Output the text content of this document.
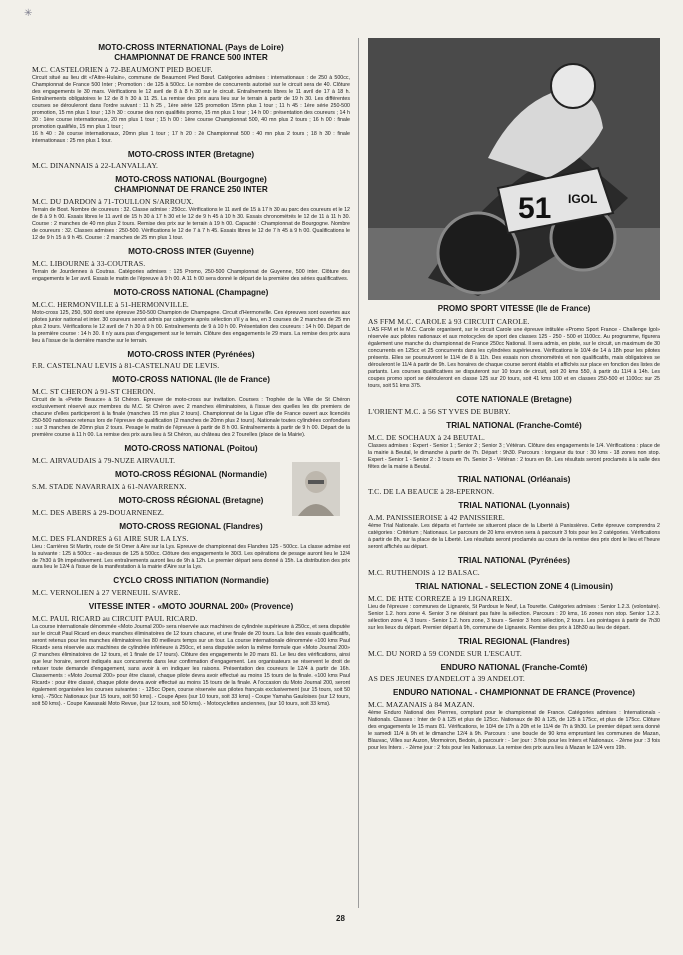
✳
MOTO-CROSS INTERNATIONAL (Pays de Loire)
CHAMPIONNAT DE FRANCE 500 INTER
M.C. CASTELORIEN à 72-BEAUMONT PIED BOEUF.
Circuit situé au lieu dit «l'Aitre-Hulain», commune de Beaumont Pied Bœuf. Catégories admises : internationaux : de 250 à 500cc, Championnat de France 500 Inter ; Promotion : de 125 à 500cc. Le nombre de concurrents autorisé sur le circuit sera de 40. Clôture des engagements le 30 mars. Vérifications le 12 avril de 8 à 8 h 30 sur le circuit. Entraînements libres le 11 avril de 17 à 18 h. Entraînements obligatoires le 12 de 8 h 30 à 11 25. La remise des prix aura lieu sur le terrain à partir de 19 h 30. Les différentes courses se dérouleront dans l'ordre suivant : 11 h 25 , 1ère série 125 promotion 15mn plus 1 tour ; 11 h 45 : 1ère série 250-500 promotion, 15 mn plus 1 tour ; 13 h 30 : course des non qualifiés promo, 15 mn plus 1 tour ; 14 h 00 : présentation des coureurs ; 14 h 30 : 1ère course internationaux, 20 mn plus 1 tour ; 15 h 00 : 1ère course Championnat 500, 40 mn plus 2 tours ; 16 h 00 : finale promotion qualifiés, 15 mn plus 1 tour ;
16 h 40 : 2è course internationaux, 20mn plus 1 tour ; 17 h 20 : 2è Championnat 500 : 40 mn plus 2 tours ; 18 h 30 : finale internationaux : 25 mn plus 1 tour.
MOTO-CROSS INTER (Bretagne)
M.C. DINANNAIS à 22-LANVALLAY.
MOTO-CROSS NATIONAL (Bourgogne)
CHAMPIONNAT DE FRANCE 250 INTER
M.C. DU DARDON à 71-TOULLON S/ARROUX.
Terrain de Bost. Nombre de coureurs : 32. Classe admise : 250cc. Vérifications le 11 avril de 15 à 17 h 30 au parc des coureurs et le 12 de 8 à 9 h 00. Essais libres le 11 avril de 15 h 30 à 17 h 30 et le 12 de 9 h 45 à 10 h 30. Essais chronométrés le 12 de 11 à 11 h 30. Course : 2 manches de 40 mn plus 2 tours. Remise des prix sur le terrain à 19 h 00. Capacité : Championnat de Bourgogne. Nombre de coureurs : 32. Classes admises : 250-500. Vérifications le 12 de 7 à 7 h 45. Essais libres le 12 de 7 h 45 à 9 h 00. Qualifications le 12 de 9 h 15 à 9 h 45. Course : 2 manches de 25 mn plus 1 tour.
MOTO-CROSS INTER (Guyenne)
M.C. LIBOURNE à 33-COUTRAS.
Terrain de Jourdennes à Coutras. Catégories admises : 125 Promo, 250-500 Championnat de Guyenne, 500 inter. Clôture des engagements le 1er avril. Essais le matin de l'épreuve à 9 h 00. A 11 h 00 sera donné le départ de la première des séries qualificatives.
MOTO-CROSS NATIONAL (Champagne)
M.C.C. HERMONVILLE à 51-HERMONVILLE.
Moto-cross 125, 250, 500 dont une épreuve 250-500 Champion de Champagne. Circuit d'Hermonville. Ces épreuves sont ouvertes aux pilotes junior national et inter. 30 coureurs seront admis par catégorie après sélection s'il y a lieu, en 3 courses de 2 manches de 25 mn plus 2 tours. Vérifications le 12 avril de 7 h 30 à 9 h 00. Entraînements de 9 à 10 h 00. Présentation des coureurs : 14 h 00. Départ de la première course : 14 h 30. Il n'y aura pas d'engagement sur le terrain. Clôture des engagements le 29 mars. La remise des prix aura lieu à l'issue de la dernière manche sur le terrain.
MOTO-CROSS INTER (Pyrénées)
F.R. CASTELNAU LEVIS à 81-CASTELNAU DE LEVIS.
MOTO-CROSS NATIONAL (Ile de France)
M.C. ST CHERON à 91-ST CHERON.
Circuit de la «Petite Beauce» à St Chéron. Epreuve de moto-cross sur invitation. Courses : Trophée de la Ville de St Chéron exclusivement réservé aux membres du M.C. St Chéron avec 2 manches éliminatoires, à l'issue des quelles les dix premiers de chacune d'elles participeront à la finale (manches 15 mn plus 2 tours). Championnat de la Ligue d'Ile de France ouvert aux licenciés 250-500 nationaux retenus lors de l'épreuve de qualification (2 manches de 20mn plus 2 tours). Nationale toutes cylindrées confondues : sur 3 manches de 20mn plus 2 tours. Pesage le matin de l'épreuve à partir de 8 h 00. Entraînements à partir de 9 h 00. Départ de la première course à 11 h 00. La remise des prix aura lieu à St Chéron, au château des 2 Tourelles (place de la Mairie).
MOTO-CROSS NATIONAL (Poitou)
M.C. AIRVAUDAIS à 79-NUZE AIRVAULT.
MOTO-CROSS RÉGIONAL (Normandie)
S.M. STADE NAVARRAIX à 61-NAVARRENX.
MOTO-CROSS RÉGIONAL (Bretagne)
M.C. DES ABERS à 29-DOUARNENEZ.
MOTO-CROSS REGIONAL (Flandres)
M.C. DES FLANDRES à 61 AIRE SUR LA LYS.
Lieu : Carrières St Martin, route de St Omer à Aire sur la Lys. Epreuve de championnat des Flandres 125 - 500cc. La classe admise est la suivante : 125 à 500cc - au-dessus de 125 à 500cc. Clôture des engagements le 30/3. Les opérations de pesage auront lieu le 12/4 de 7h30 à 9h impérativement. Les entraînements auront lieu de 9h à 12h. Le premier départ sera donné à 15h. La distribution des prix aura lieu le 12/4 à l'issue de la manifestation à la mairie d'Aire sur la Lys.
CYCLO CROSS INITIATION (Normandie)
M.C. VERNOLIEN à 27 VERNEUIL S/AVRE.
VITESSE INTER - «MOTO JOURNAL 200» (Provence)
M.C. PAUL RICARD au CIRCUIT PAUL RICARD.
La course internationale dénommée «Moto Journal 200» sera réservée aux machines de cylindrée supérieure à 250cc, et sera disputée sur le circuit Paul Ricard en deux manches éliminatoires de 12 tours chacune, et une finale de 20 tours. La liste des essais qualificatifs, seront retenus pour les manches éliminatoires les 80 meilleurs temps sur un tour. La course internationale dénommée «100 kms Paul Ricard» sera réservée aux machines de cylindrée inférieure à 250cc, et sera disputée selon la même formule que «Moto Journal 200» (2 manches éliminatoires de 12 tours, et 1 finale de 17 tours). Clôture des engagements le 20 mars 81. Le lieu des vérifications, ainsi que leur horaire, seront indiqués aux concurrents dans leur confirmation d'engagement. Les organisateurs se réservent le droit de refuser toute demande d'engagement, sans avoir à en indiquer les raisons. Présentation des coureurs le 12/4 à partir de 16h. Classements : «Moto Journal 200» pour être classé, chaque pilote devra avoir effectué au moins 15 tours de la finale. «100 kms Paul Ricard» : pour être classé, chaque pilote devra avoir effectué au moins 15 tours de la finale. A l'occasion du Moto Journal 200, seront également organisées les courses suivantes : - 125cc Open, course réservée aux pilotes français exclusivement (sur 15 tours, soit 50 kms). -750cc Nationaux (sur 15 tours, soit 50 kms). - Coupe Apes (sur 10 tours, soit 33 kms) - Coupe Yamaha Gauloises (sur 12 tours, soit 50 kms). - Coupe Kawasaki Moto Revue, (sur 12 tours, soit 50 kms). - Motocyclettes anciennes, (sur 10 tours, soit 33 kms).
51 IGOL
PROMO SPORT VITESSE (Ile de France)
AS FFM M.C. CAROLE à 93 CIRCUIT CAROLE.
L'AS FFM et le M.C. Carole organisent, sur le circuit Carole une épreuve intitulée «Promo Sport France - Challenge Igol» réservée aux pilotes nationaux et aux motocycles de sport des classes 125 - 250 - 500 et 1100cc. Au programme, figurera également une manche du championnat de France 250cc National. Il sera admis, en piste, sur le circuit, un maximum de 30 concurrents en 125cc et 25 concurrents dans les cylindrées supérieures. Vérifications le 10/4 de 14 à 18h pour les pilotes présents. Elles se poursuivront le 11/4 de 8 à 11h. Des essais non chronométrés et non qualificatifs, mais obligatoires se dérouleront le 11/4 à partir de 9h. Les horaires de chaque course seront établis et affichés sur place en fonction des listes de partants. Les courses qualificatives se disputeront sur 10 tours de circuit, soit 20 kms 550, à partir du 11/4 à 14h. Les coupes promo sport se dérouleront en classe 125 sur 20 tours, soit 41 kms 100 et en classes 250-500 et 1100cc sur 25 tours, soit 51 kms 375.
COTE NATIONALE (Bretagne)
L'ORIENT M.C. à 56 ST YVES DE BUBRY.
TRIAL NATIONAL (Franche-Comté)
M.C. DE SOCHAUX à 24 BEUTAL.
Classes admises : Expert - Senior 1 ; Senior 2 ; Senior 3 ; Vétéran. Clôture des engagements le 1/4. Vérifications : place de la mairie à Beutal, le dimanche à partir de 7h. Départ : 9h30. Parcours : longueur du tour : 30 kms - 18 zones non stop. Expert - Senior 1 - Senior 2 : 3 tours en 7h. Senior 3 - Vétéran : 2 tours en 6h. Les résultats seront proclamés à la salle des fêtes de la mairie à Beutal.
TRIAL NATIONAL (Orléanais)
T.C. DE LA BEAUCE à 28-EPERNON.
TRIAL NATIONAL (Lyonnais)
A.M. PANISSIEROISE à 42 PANISSIERE.
4ème Trial Nationale. Les départs et l'arrivée se situeront place de la Liberté à Panissières. Cette épreuve comprendra 2 catégories : Critérium ; Nationaux. Le parcours de 20 kms environ sera à parcourir 3 fois pour les 2 catégories. Vérifications à partir de 8h, sur la place de la Liberté. Les résultats seront proclamés au cours de la remise des prix dont le lieu et l'heure seront affichés au départ.
TRIAL NATIONAL (Pyrénées)
M.C. RUTHENOIS à 12 BALSAC.
TRIAL NATIONAL - SELECTION ZONE 4 (Limousin)
M.C. DE HTE CORREZE à 19 LIGNAREIX.
Lieu de l'épreuve : communes de Lignareix, St Pardoux le Neuf, La Tourette. Catégories admises : Senior 1.2.3. (volontaire). Senior 1.2. hors zone 4. Senior 3 ne désirant pas faire la sélection. Parcours : 20 kms, 16 zones non stop. Senior 1.2.3. sélection zone 4, 3 tours - Senior 1.2. hors zone, 3 tours - Senior 3 hors sélection, 2 tours. Les pointages à partir de 7h30 sur les lieux du départ. Premier départ à 9h, commune de Lignareix. Remise des prix à 18h30 au lieu de départ.
TRIAL REGIONAL (Flandres)
M.C. DU NORD à 59 CONDE SUR L'ESCAUT.
ENDURO NATIONAL (Franche-Comté)
AS DES JEUNES D'ANDELOT à 39 ANDELOT.
ENDURO NATIONAL - CHAMPIONNAT DE FRANCE (Provence)
M.C. MAZANAIS à 84 MAZAN.
4ème Enduro National des Pierrres, comptant pour le championnat de France. Catégories admises : Internationals - Nationals. Classes : Inter de 0 à 125 et plus de 125cc. Nationaux de 80 à 125, de 125 à 175cc, et plus de 175cc. Clôture des engagements le 15 mars 81. Vérifications, le 10/4 de 17h à 20h et le 11/4 de 7h à 9h30. Le premier départ sera donné le samedi 11/4 à 9h et le dimanche 12/4 à 9h. Parcours : une boucle de 90 kms empruntant les communes de Mazan, Blauvac, Villes sur Auzon, Mormoiron, Bedoin, à parcourir : - 1er jour : 3 fois pour les Inters et Nationaux. - 2ème jour : 3 fois pour les Inters . - 2ème jour : 2 fois pour les Nationaux. La remise des prix aura lieu à Mazan le 12/4 vers 19h.
28
